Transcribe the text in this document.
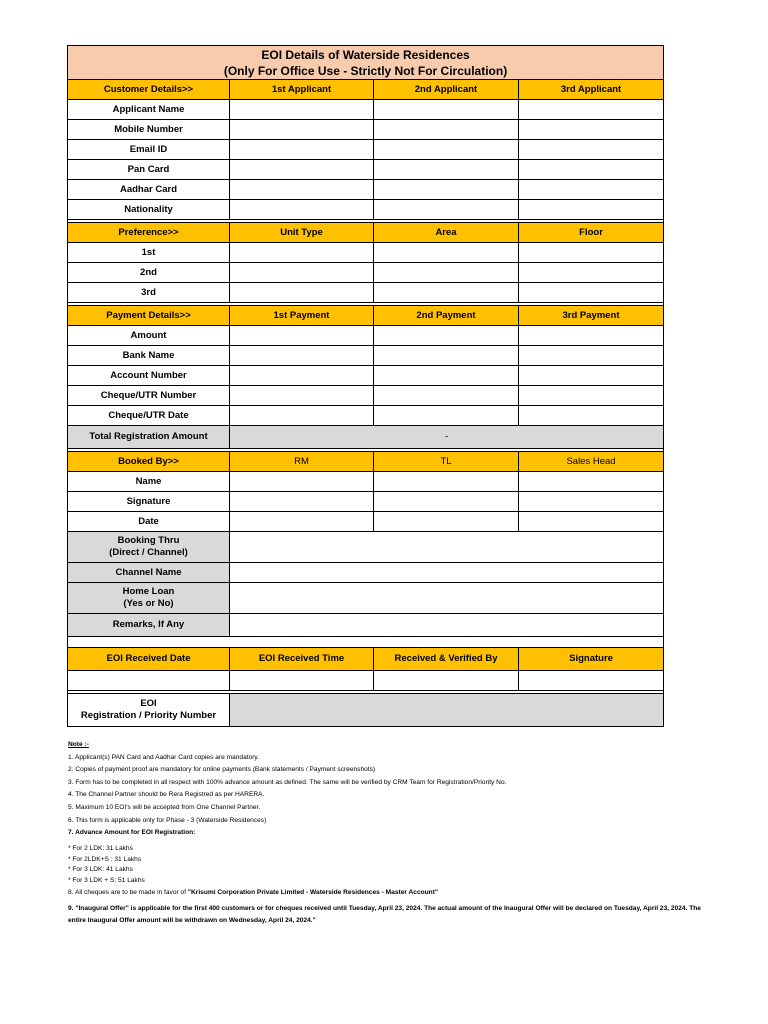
EOI Details of Waterside Residences
(Only For Office Use - Strictly Not For Circulation)			

Customer Details>>	1st Applicant	2nd Applicant	3rd Applicant
Applicant Name			
Mobile Number			
Email ID			
Pan Card			
Aadhar Card			
Nationality			

Preference>>	Unit Type	Area	Floor
1st			
2nd			
3rd			

Payment Details>>	1st Payment	2nd Payment	3rd Payment
Amount			
Bank Name			
Account Number			
Cheque/UTR Number			
Cheque/UTR Date			
Total Registration Amount	-		

Booked By>>	RM	TL	Sales Head
Name			
Signature			
Date			

Booking Thru
(Direct / Channel)			

Channel Name			

Home Loan
(Yes or No)			

Remarks, If Any			

EOI Received Date	EOI Received Time	Received & Verified By	Signature

EOI
Registration / Priority Number			

Note :-
1. Applicant(s) PAN Card and Aadhar Card copies are mandatory.
2. Copies of payment proof are mandatory for online payments (Bank statements / Payment screenshots)
3. Form has to be completed in all respect with 100% advance amount as defined. The same will be verified by CRM Team for Registration/Priority No.
4. The Channel Partner should be Rera Registred as per HARERA.
5. Maximum 10 EOI's will be accepted from One Channel Partner.
6. This form is applicable only for Phase - 3 (Waterside Residences)
7. Advance Amount for EOI Registration:
* For 2 LDK: 31 Lakhs
* For 2LDK+S : 31 Lakhs
* For 3 LDK: 41 Lakhs
* For 3 LDK + S: 51 Lakhs
8. All cheques are to be made in favor of "Krisumi Corporation Private Limited - Waterside Residences - Master Account"
9. "Inaugural Offer" is applicable for the first 400 customers or for cheques received until Tuesday, April 23, 2024. The actual amount of the Inaugural Offer will be declared on Tuesday, April 23, 2024. The entire Inaugural Offer amount will be withdrawn on Wednesday, April 24, 2024."
